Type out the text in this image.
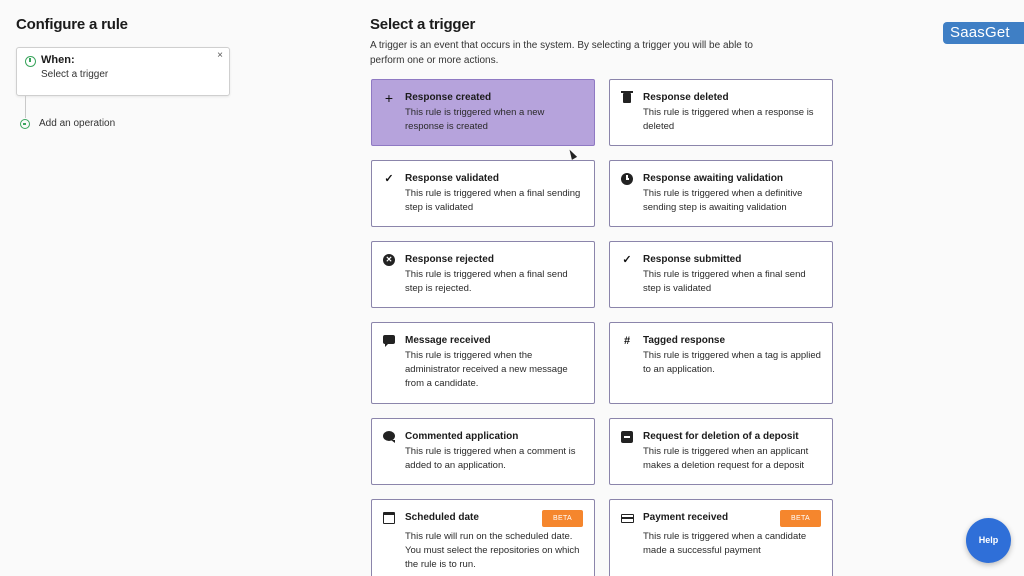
Configure a rule
When:
Select a trigger
×
Add an operation
Select a trigger
A trigger is an event that occurs in the system. By selecting a trigger you will be able to perform one or more actions.
+ Response created
This rule is triggered when a new response is created
Response deleted
This rule is triggered when a response is deleted
✓ Response validated
This rule is triggered when a final sending step is validated
Response awaiting validation
This rule is triggered when a definitive sending step is awaiting validation
✕ Response rejected
This rule is triggered when a final send step is rejected.
✓ Response submitted
This rule is triggered when a final send step is validated
Message received
This rule is triggered when the administrator received a new message from a candidate.
# Tagged response
This rule is triggered when a tag is applied to an application.
Commented application
This rule is triggered when a comment is added to an application.
Request for deletion of a deposit
This rule is triggered when an applicant makes a deletion request for a deposit
Scheduled date	BETA
This rule will run on the scheduled date. You must select the repositories on which the rule is to run.
Payment received	BETA
This rule is triggered when a candidate made a successful payment
SaasGet
Help
